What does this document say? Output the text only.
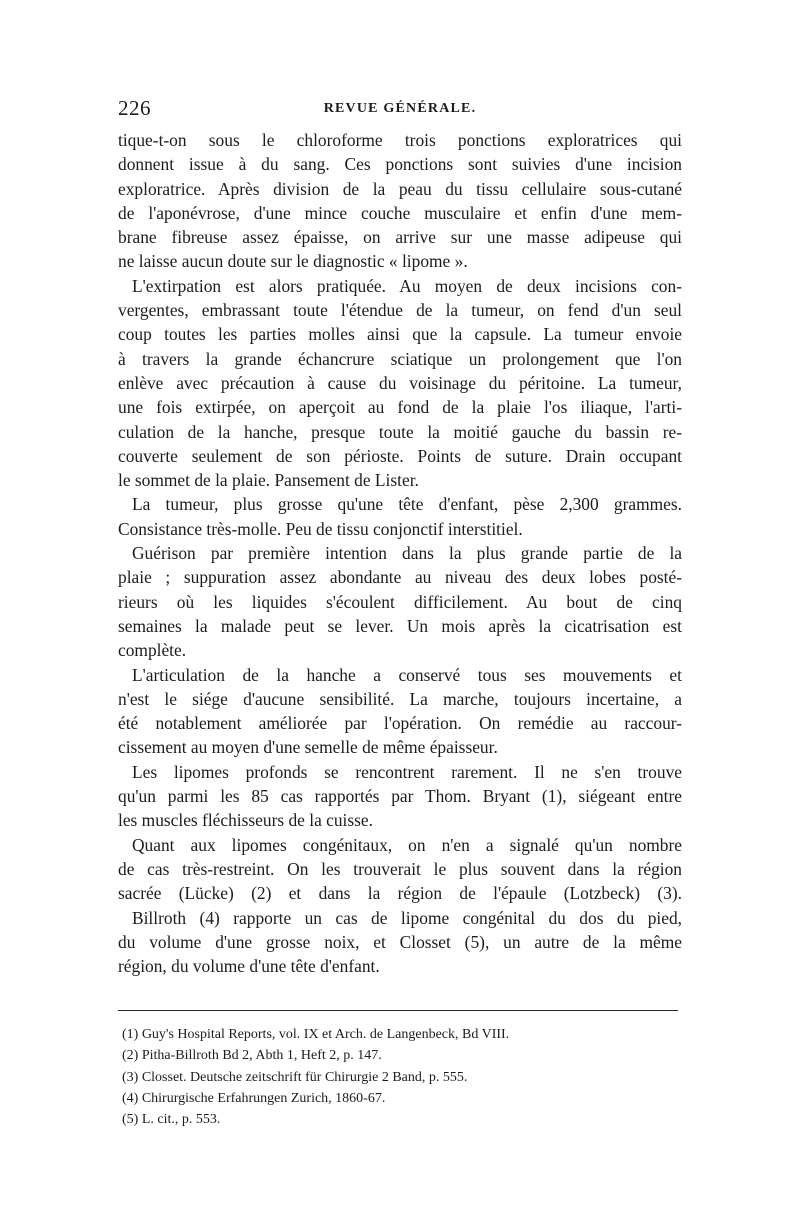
226	REVUE GÉNÉRALE.
tique-t-on sous le chloroforme trois ponctions exploratrices qui
donnent issue à du sang. Ces ponctions sont suivies d'une incision
exploratrice. Après division de la peau du tissu cellulaire sous-cutané
de l'aponévrose, d'une mince couche musculaire et enfin d'une mem-
brane fibreuse assez épaisse, on arrive sur une masse adipeuse qui
ne laisse aucun doute sur le diagnostic « lipome ».
L'extirpation est alors pratiquée. Au moyen de deux incisions con-
vergentes, embrassant toute l'étendue de la tumeur, on fend d'un seul
coup toutes les parties molles ainsi que la capsule. La tumeur envoie
à travers la grande échancrure sciatique un prolongement que l'on
enlève avec précaution à cause du voisinage du péritoine. La tumeur,
une fois extirpée, on aperçoit au fond de la plaie l'os iliaque, l'arti-
culation de la hanche, presque toute la moitié gauche du bassin re-
couverte seulement de son périoste. Points de suture. Drain occupant
le sommet de la plaie. Pansement de Lister.
La tumeur, plus grosse qu'une tête d'enfant, pèse 2,300 grammes.
Consistance très-molle. Peu de tissu conjonctif interstitiel.
Guérison par première intention dans la plus grande partie de la
plaie ; suppuration assez abondante au niveau des deux lobes posté-
rieurs où les liquides s'écoulent difficilement. Au bout de cinq
semaines la malade peut se lever. Un mois après la cicatrisation est
complète.
L'articulation de la hanche a conservé tous ses mouvements et
n'est le siége d'aucune sensibilité. La marche, toujours incertaine, a
été notablement améliorée par l'opération. On remédie au raccour-
cissement au moyen d'une semelle de même épaisseur.
Les lipomes profonds se rencontrent rarement. Il ne s'en trouve
qu'un parmi les 85 cas rapportés par Thom. Bryant (1), siégeant entre
les muscles fléchisseurs de la cuisse.
Quant aux lipomes congénitaux, on n'en a signalé qu'un nombre
de cas très-restreint. On les trouverait le plus souvent dans la région
sacrée (Lücke) (2) et dans la région de l'épaule (Lotzbeck) (3).
Billroth (4) rapporte un cas de lipome congénital du dos du pied,
du volume d'une grosse noix, et Closset (5), un autre de la même
région, du volume d'une tête d'enfant.
(1) Guy's Hospital Reports, vol. IX et Arch. de Langenbeck, Bd VIII.
(2) Pitha-Billroth Bd 2, Abth 1, Heft 2, p. 147.
(3) Closset. Deutsche zeitschrift für Chirurgie 2 Band, p. 555.
(4) Chirurgische Erfahrungen Zurich, 1860-67.
(5) L. cit., p. 553.
